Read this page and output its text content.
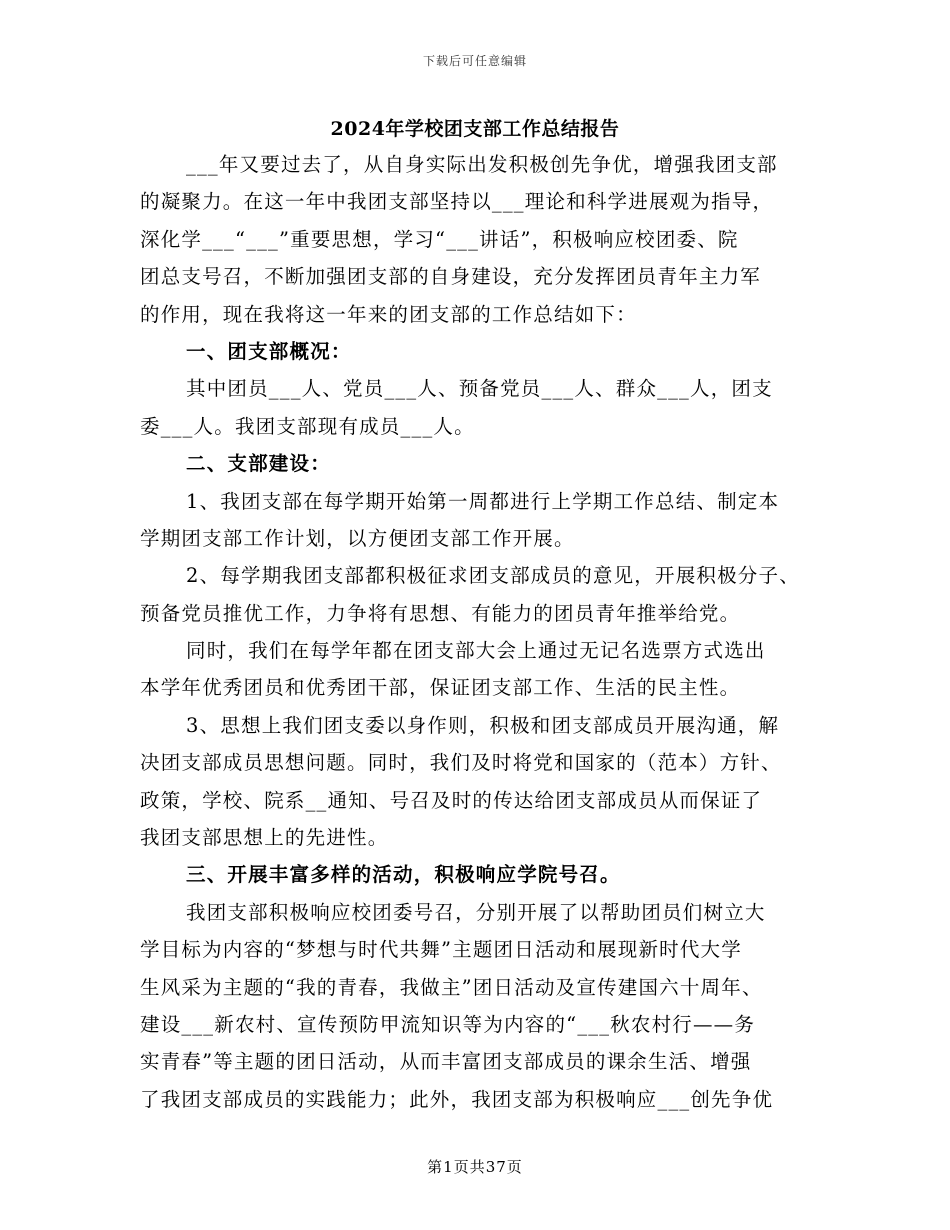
下载后可任意编辑
2024年学校团支部工作总结报告
___年又要过去了，从自身实际出发积极创先争优，增强我团支部
的凝聚力。在这一年中我团支部坚持以___理论和科学进展观为指导，
深化学___“___”重要思想，学习“___讲话”，积极响应校团委、院
团总支号召，不断加强团支部的自身建设，充分发挥团员青年主力军
的作用，现在我将这一年来的团支部的工作总结如下：
一、团支部概况：
其中团员___人、党员___人、预备党员___人、群众___人，团支
委___人。我团支部现有成员___人。
二、支部建设：
1、我团支部在每学期开始第一周都进行上学期工作总结、制定本
学期团支部工作计划，以方便团支部工作开展。
2、每学期我团支部都积极征求团支部成员的意见，开展积极分子、
预备党员推优工作，力争将有思想、有能力的团员青年推举给党。
同时，我们在每学年都在团支部大会上通过无记名选票方式选出
本学年优秀团员和优秀团干部，保证团支部工作、生活的民主性。
3、思想上我们团支委以身作则，积极和团支部成员开展沟通，解
决团支部成员思想问题。同时，我们及时将党和国家的（范本）方针、
政策，学校、院系__通知、号召及时的传达给团支部成员从而保证了
我团支部思想上的先进性。
三、开展丰富多样的活动，积极响应学院号召。
我团支部积极响应校团委号召，分别开展了以帮助团员们树立大
学目标为内容的“梦想与时代共舞”主题团日活动和展现新时代大学
生风采为主题的“我的青春，我做主”团日活动及宣传建国六十周年、
建设___新农村、宣传预防甲流知识等为内容的“___秋农村行——务
实青春”等主题的团日活动，从而丰富团支部成员的课余生活、增强
了我团支部成员的实践能力；此外，我团支部为积极响应___创先争优
第1页共37页
